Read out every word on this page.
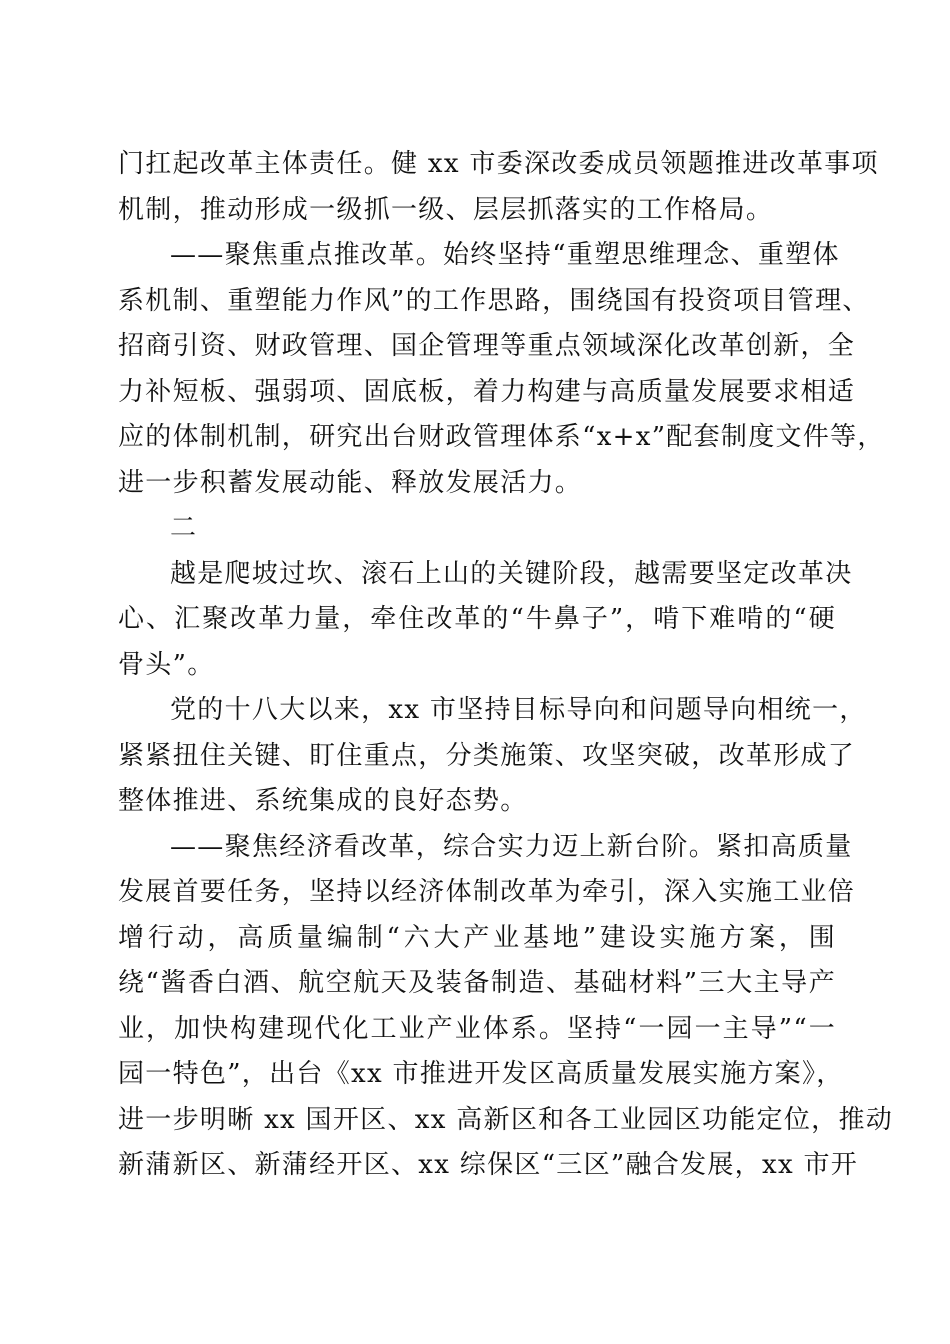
门扛起改革主体责任。健 xx 市委深改委成员领题推进改革事项
机制，推动形成一级抓一级、层层抓落实的工作格局。
——聚焦重点推改革。始终坚持“重塑思维理念、重塑体
系机制、重塑能力作风”的工作思路，围绕国有投资项目管理、
招商引资、财政管理、国企管理等重点领域深化改革创新，全
力补短板、强弱项、固底板，着力构建与高质量发展要求相适
应的体制机制，研究出台财政管理体系“x+x”配套制度文件等，
进一步积蓄发展动能、释放发展活力。
二
越是爬坡过坎、滚石上山的关键阶段，越需要坚定改革决
心、汇聚改革力量，牵住改革的“牛鼻子”，啃下难啃的“硬
骨头”。
党的十八大以来，xx 市坚持目标导向和问题导向相统一，
紧紧扭住关键、盯住重点，分类施策、攻坚突破，改革形成了
整体推进、系统集成的良好态势。
——聚焦经济看改革，综合实力迈上新台阶。紧扣高质量
发展首要任务，坚持以经济体制改革为牵引，深入实施工业倍
增行动，高质量编制“六大产业基地”建设实施方案，围
绕“酱香白酒、航空航天及装备制造、基础材料”三大主导产
业，加快构建现代化工业产业体系。坚持“一园一主导”“一
园一特色”，出台《xx 市推进开发区高质量发展实施方案》，
进一步明晰 xx 国开区、xx 高新区和各工业园区功能定位，推动
新蒲新区、新蒲经开区、xx 综保区“三区”融合发展，xx 市开
